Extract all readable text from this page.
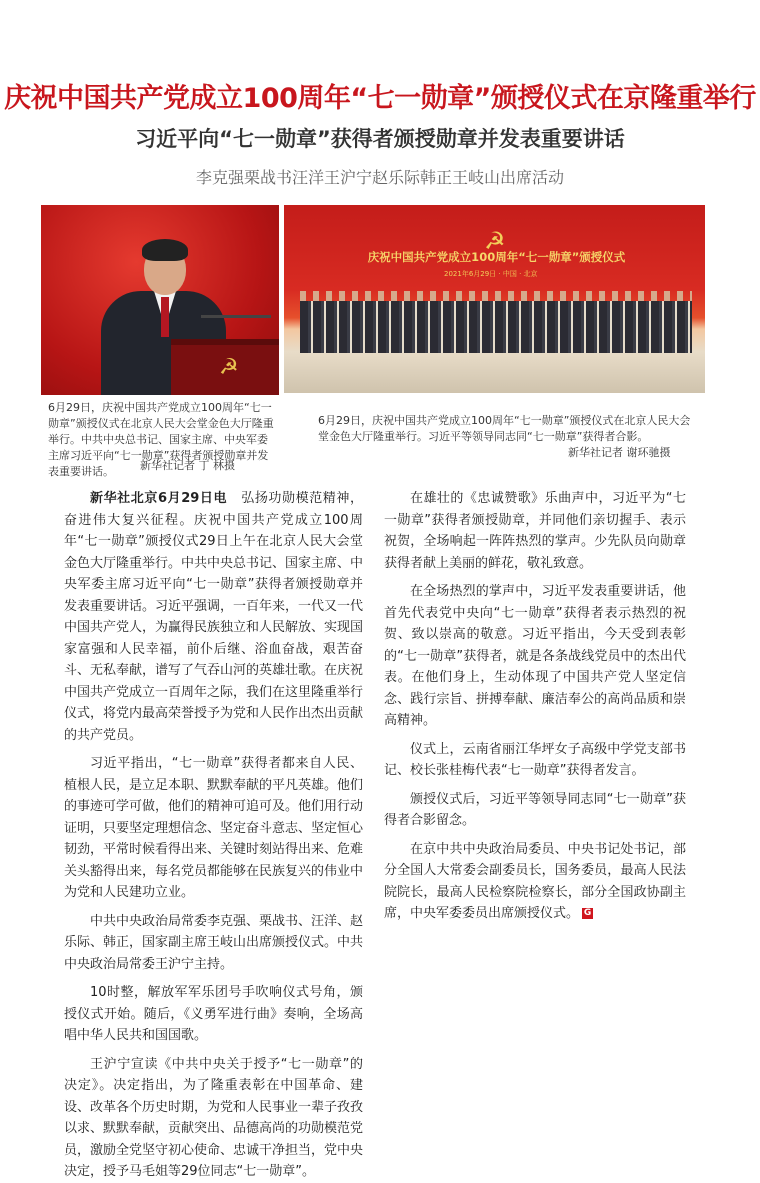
庆祝中国共产党成立100周年“七一勋章”颁授仪式在京隆重举行
习近平向“七一勋章”获得者颁授勋章并发表重要讲话
李克强栗战书汪洋王沪宁赵乐际韩正王岐山出席活动
☭
☭
庆祝中国共产党成立100周年“七一勋章”颁授仪式
2021年6月29日 · 中国 · 北京
6月29日，庆祝中国共产党成立100周年“七一勋章”颁授仪式在北京人民大会堂金色大厅隆重举行。中共中央总书记、国家主席、中央军委主席习近平向“七一勋章”获得者颁授勋章并发表重要讲话。	新华社记者 丁 林摄
6月29日，庆祝中国共产党成立100周年“七一勋章”颁授仪式在北京人民大会堂金色大厅隆重举行。习近平等领导同志同“七一勋章”获得者合影。
新华社记者 谢环驰摄

新华社北京6月29日电 弘扬功勋模范精神，奋进伟大复兴征程。庆祝中国共产党成立100周年“七一勋章”颁授仪式29日上午在北京人民大会堂金色大厅隆重举行。中共中央总书记、国家主席、中央军委主席习近平向“七一勋章”获得者颁授勋章并发表重要讲话。习近平强调，一百年来，一代又一代中国共产党人，为赢得民族独立和人民解放、实现国家富强和人民幸福，前仆后继、浴血奋战，艰苦奋斗、无私奉献，谱写了气吞山河的英雄壮歌。在庆祝中国共产党成立一百周年之际，我们在这里隆重举行仪式，将党内最高荣誉授予为党和人民作出杰出贡献的共产党员。

习近平指出，“七一勋章”获得者都来自人民、植根人民，是立足本职、默默奉献的平凡英雄。他们的事迹可学可做，他们的精神可追可及。他们用行动证明，只要坚定理想信念、坚定奋斗意志、坚定恒心韧劲，平常时候看得出来、关键时刻站得出来、危难关头豁得出来，每名党员都能够在民族复兴的伟业中为党和人民建功立业。

中共中央政治局常委李克强、栗战书、汪洋、赵乐际、韩正，国家副主席王岐山出席颁授仪式。中共中央政治局常委王沪宁主持。

10时整，解放军军乐团号手吹响仪式号角，颁授仪式开始。随后，《义勇军进行曲》奏响，全场高唱中华人民共和国国歌。

王沪宁宣读《中共中央关于授予“七一勋章”的决定》。决定指出，为了隆重表彰在中国革命、建设、改革各个历史时期，为党和人民事业一辈子孜孜以求、默默奉献，贡献突出、品德高尚的功勋模范党员，激励全党坚守初心使命、忠诚干净担当，党中央决定，授予马毛姐等29位同志“七一勋章”。

在雄壮的《忠诚赞歌》乐曲声中，习近平为“七一勋章”获得者颁授勋章，并同他们亲切握手、表示祝贺，全场响起一阵阵热烈的掌声。少先队员向勋章获得者献上美丽的鲜花，敬礼致意。

在全场热烈的掌声中，习近平发表重要讲话，他首先代表党中央向“七一勋章”获得者表示热烈的祝贺、致以崇高的敬意。习近平指出，今天受到表彰的“七一勋章”获得者，就是各条战线党员中的杰出代表。在他们身上，生动体现了中国共产党人坚定信念、践行宗旨、拼搏奉献、廉洁奉公的高尚品质和崇高精神。

仪式上，云南省丽江华坪女子高级中学党支部书记、校长张桂梅代表“七一勋章”获得者发言。

颁授仪式后，习近平等领导同志同“七一勋章”获得者合影留念。

在京中共中央政治局委员、中央书记处书记，部分全国人大常委会副委员长，国务委员，最高人民法院院长，最高人民检察院检察长，部分全国政协副主席，中央军委委员出席颁授仪式。 G
